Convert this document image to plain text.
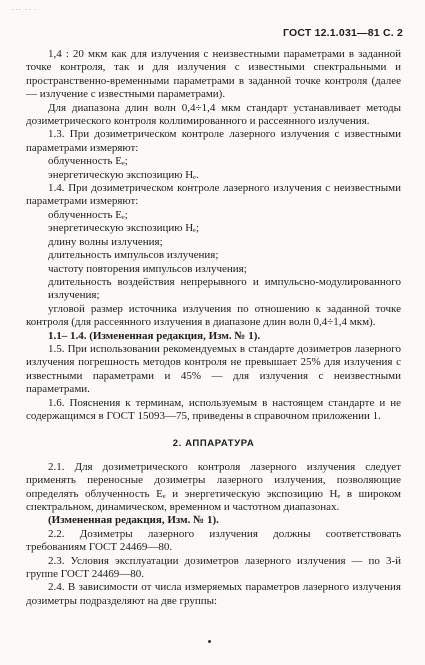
··· ·· ·
ГОСТ 12.1.031—81 С. 2

1,4 : 20 мкм как для излучения с неизвестными параметрами в заданной точке контроля, так и для излучения с известными спектральными и пространственно-временными параметрами в заданной точке контроля (далее — излучение с известными параметрами).

Для диапазона длин волн 0,4÷1,4 мкм стандарт устанавливает методы дозиметрического контроля коллимированного и рассеянного излучения.

1.3. При дозиметрическом контроле лазерного излучения с известными параметрами измеряют:

облученность Eₑ;

энергетическую экспозицию Hₑ.

1.4. При дозиметрическом контроле лазерного излучения с неизвестными параметрами измеряют:

облученность Eₑ;

энергетическую экспозицию Hₑ;

длину волны излучения;

длительность импульсов излучения;

частоту повторения импульсов излучения;

длительность воздействия непрерывного и импульсно-модулированного излучения;

угловой размер источника излучения по отношению к заданной точке контроля (для рассеянного излучения в диапазоне длин волн 0,4÷1,4 мкм).

1.1– 1.4. (Измененная редакция, Изм. № 1).

1.5. При использовании рекомендуемых в стандарте дозиметров лазерного излучения погрешность методов контроля не превышает 25% для излучения с известными параметрами и 45% — для излучения с неизвестными параметрами.

1.6. Пояснения к терминам, используемым в настоящем стандарте и не содержащимся в ГОСТ 15093—75, приведены в справочном приложении 1.

2. АППАРАТУРА

2.1. Для дозиметрического контроля лазерного излучения следует применять переносные дозиметры лазерного излучения, позволяющие определять облученность Eₑ и энергетическую экспозицию Hₑ в широком спектральном, динамическом, временном и частотном диапазонах.

(Измененная редакция, Изм. № 1).

2.2. Дозиметры лазерного излучения должны соответствовать требованиям ГОСТ 24469—80.

2.3. Условия эксплуатации дозиметров лазерного излучения — по 3-й группе ГОСТ 24469—80.

2.4. В зависимости от числа измеряемых параметров лазерного излучения дозиметры подразделяют на две группы:
